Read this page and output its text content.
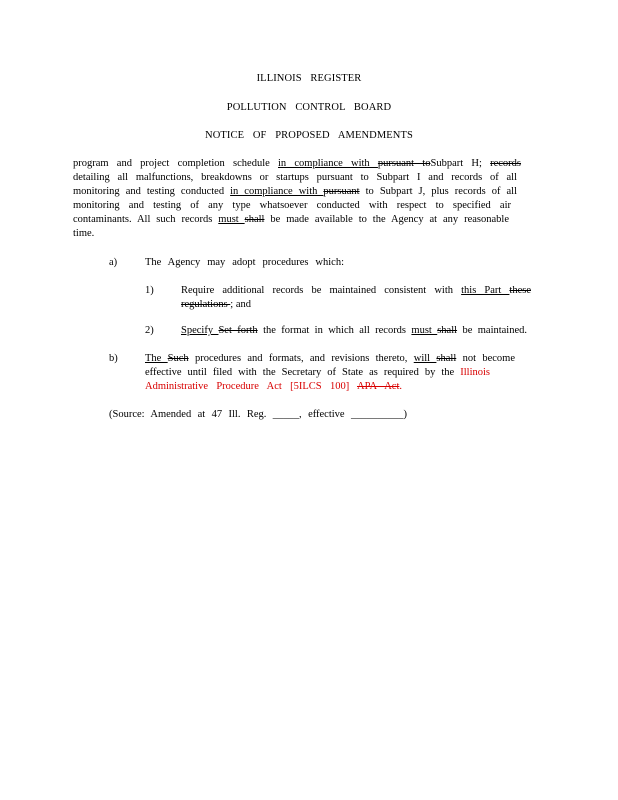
ILLINOIS REGISTER
POLLUTION CONTROL BOARD
NOTICE OF PROPOSED AMENDMENTS
program and project completion schedule in compliance with pursuant toSubpart H; records
detailing all malfunctions, breakdowns or startups pursuant to Subpart I and records of all
monitoring and testing conducted in compliance with pursuant to Subpart J, plus records of all
monitoring and testing of any type whatsoever conducted with respect to specified air
contaminants. All such records must shall be made available to the Agency at any reasonable
time.
a)	The Agency may adopt procedures which:
1)	Require additional records be maintained consistent with this Part these
regulations ; and
2)	Specify Set forth the format in which all records must shall be maintained.
b)	The Such procedures and formats, and revisions thereto, will shall not become
effective until filed with the Secretary of State as required by the Illinois
Administrative Procedure Act [5ILCS 100] APA Act.
(Source: Amended at 47 Ill. Reg. _____, effective __________)
